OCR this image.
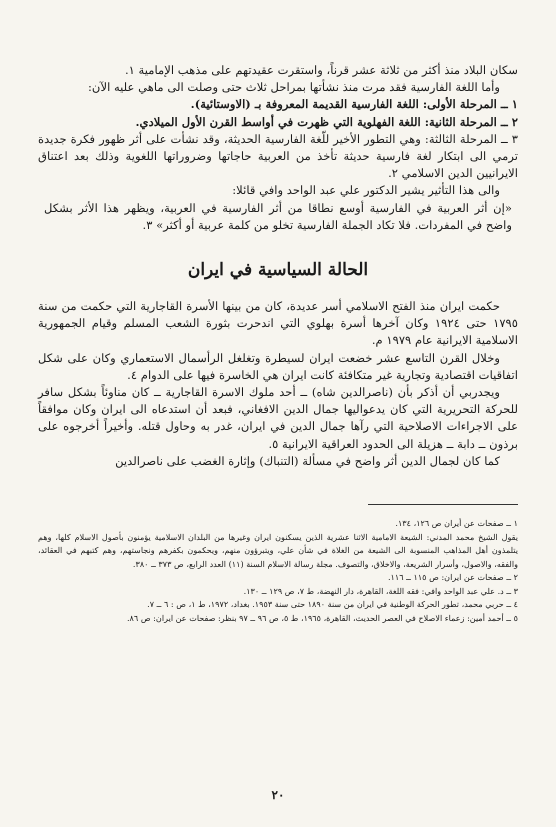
سكان البلاد منذ أكثر من ثلاثة عشر قرناً، واستقرت عقيدتهم على مذهب الإمامية ١.

وأما اللغة الفارسية فقد مرت منذ نشأتها بمراحل ثلاث حتى وصلت الى ماهي عليه الآن:

١ ــ المرحلة الأولى: اللغة الفارسية القديمة المعروفة بـ (الاوستائية).

٢ ــ المرحلة الثانية: اللغة الفهلوية التي ظهرت في أواسط القرن الأول الميلادي.

٣ ــ المرحلة الثالثة: وهي التطور الأخير للّغة الفارسية الحديثة، وقد نشأت على أثر ظهور فكرة جديدة ترمي الى ابتكار لغة فارسية حديثة تأخذ من العربية حاجاتها وضروراتها اللغوية وذلك بعد اعتناق الايرانيين الدين الاسلامي ٢.

والى هذا التأثير يشير الدكتور علي عبد الواحد وافي قائلا:

«إن أثر العربية في الفارسية أوسع نطاقا من أثر الفارسية في العربية، ويظهر هذا الأثر بشكل واضح في المفردات. فلا تكاد الجملة الفارسية تخلو من كلمة عربية أو أكثر» ٣.

الحالة السياسية في ايران

حكمت ايران منذ الفتح الاسلامي أسر عديدة، كان من بينها الأسرة القاجارية التي حكمت من سنة ١٧٩٥ حتى ١٩٢٤ وكان آخرها أسرة بهلوي التي اندحرت بثورة الشعب المسلم وقيام الجمهورية الاسلامية الايرانية عام ١٩٧٩ م.

وخلال القرن التاسع عشر خضعت ايران لسيطرة وتغلغل الرأسمال الاستعماري وكان على شكل اتفاقيات اقتصادية وتجارية غير متكافئة كانت ايران هي الخاسرة فيها على الدوام ٤.

ويجدربي أن أذكر بأن (ناصرالدين شاه) ــ أحد ملوك الاسرة القاجارية ــ كان مناوئاً بشكل سافر للحركة التحريرية التي كان يدعواليها جمال الدين الافغاني، فبعد أن استدعاه الى ايران وكان موافقاً على الاجراءات الاصلاحية التي رآها جمال الدين في ايران، غدر به وحاول قتله. وأخيراً أخرجوه على برذون ــ دابة ــ هزيلة الى الحدود العراقية الايرانية ٥.

كما كان لجمال الدين أثر واضح في مسألة (التنباك) وإثارة الغضب على ناصرالدين

١ ــ صفحات عن أيران ص ١٢٦، ١٣٤.

يقول الشيخ محمد المدني: الشيعة الامامية الاثنا عشرية الذين يسكنون ايران وغيرها من البلدان الاسلامية يؤمنون بأصول الاسلام كلها، وهم يتلمذون أهل المذاهب المنسوبة الى الشيعة من الغلاة في شأن علي، ويتبرؤون منهم، ويحكمون بكفرهم ونجاستهم، وهم كتبهم في العقائد، والفقه، والاصول، وأسرار الشريعة، والاخلاق، والتصوف. مجلة رسالة الاسلام السنة (١١) العدد الرابع، ص ٣٧٣ ــ ٣٨٠.

٢ ــ صفحات عن ايران: ص ١١٥ ــ ١١٦.

٣ ــ د. علي عبد الواحد وافي: فقه اللغة، القاهرة، دار النهضة، ط ٧، ص ١٢٩ ــ ١٣٠.

٤ ــ حربي محمد، تطور الحركة الوطنية في ايران من سنة ١٨٩٠ حتى سنة ١٩٥٣. بغداد، ١٩٧٢، ط ١، ص : ٦ ــ ٧.

٥ ــ أحمد أمين: زعماء الاصلاح في العصر الحديث، القاهرة، ١٩٦٥، ط ٥، ص ٩٦ ــ ٩٧ بنظر: صفحات عن ايران: ص ٨٦.

٢٠
